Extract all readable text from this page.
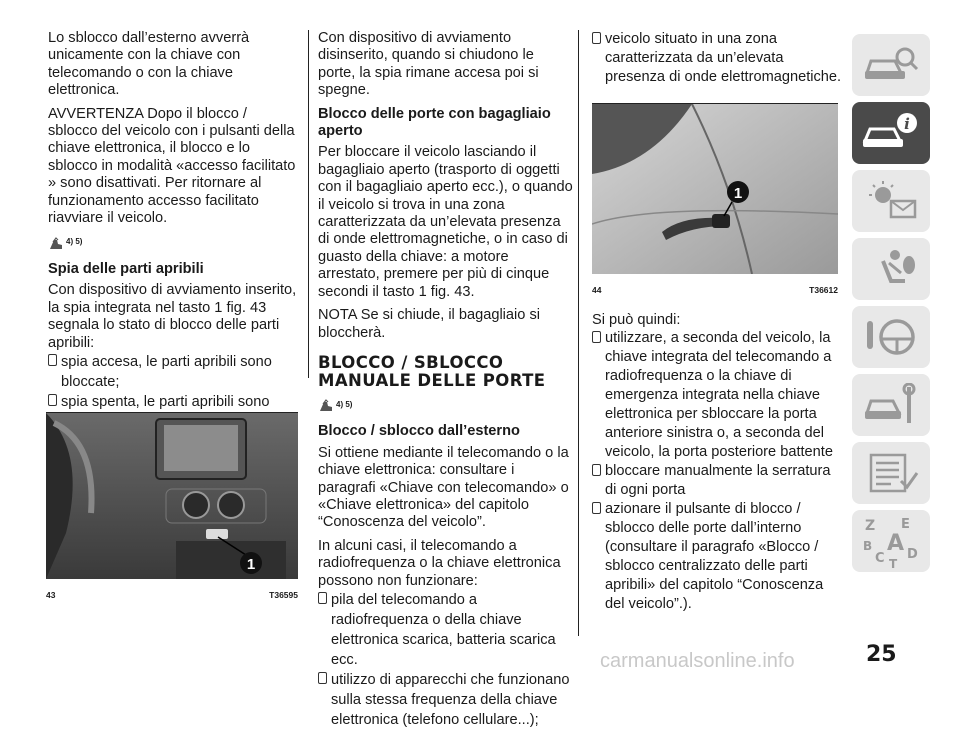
Lo sblocco dall’esterno avverrà unicamente con la chiave con telecomando o con la chiave elettronica.

AVVERTENZA Dopo il blocco / sblocco del veicolo con i pulsanti della chiave elettronica, il blocco e lo sblocco in modalità «accesso facilitato » sono disattivati. Per ritornare al funzionamento accesso facilitato riavviare il veicolo.

4) 5)
Spia delle parti apribili

Con dispositivo di avviamento inserito, la spia integrata nel tasto 1 fig. 43 segnala lo stato di blocco delle parti apribili:

spia accesa, le parti apribili sono bloccate;
spia spenta, le parti apribili sono
1
43	T36595

Con dispositivo di avviamento disinserito, quando si chiudono le porte, la spia rimane accesa poi si spegne.

Blocco delle porte con bagagliaio aperto

Per bloccare il veicolo lasciando il bagagliaio aperto (trasporto di oggetti con il bagagliaio aperto ecc.), o quando il veicolo si trova in una zona caratterizzata da un’elevata presenza di onde elettromagnetiche, o in caso di guasto della chiave: a motore arrestato, premere per più di cinque secondi il tasto 1 fig. 43.

NOTA Se si chiude, il bagagliaio si bloccherà.

BLOCCO / SBLOCCO MANUALE DELLE PORTE
4) 5)
Blocco / sblocco dall’esterno

Si ottiene mediante il telecomando o la chiave elettronica: consultare i paragrafi «Chiave con telecomando» o «Chiave elettronica» del capitolo “Conoscenza del veicolo”.

In alcuni casi, il telecomando a radiofrequenza o la chiave elettronica possono non funzionare:

pila del telecomando a radiofrequenza o della chiave elettronica scarica, batteria scarica ecc.
utilizzo di apparecchi che funzionano sulla stessa frequenza della chiave elettronica (telefono cellulare...);
veicolo situato in una zona caratterizzata da un’elevata presenza di onde elettromagnetiche.
1
44	T36612

Si può quindi:

utilizzare, a seconda del veicolo, la chiave integrata del telecomando a radiofrequenza o la chiave di emergenza integrata nella chiave elettronica per sbloccare la porta anteriore sinistra o, a seconda del veicolo, la porta posteriore battente
bloccare manualmente la serratura di ogni porta
azionare il pulsante di blocco / sblocco delle porte dall’interno (consultare il paragrafo «Blocco / sblocco centralizzato delle parti apribili» del capitolo “Conoscenza del veicolo”.).
i
Z E
A
B
C D
T
25
carmanualsonline.info
